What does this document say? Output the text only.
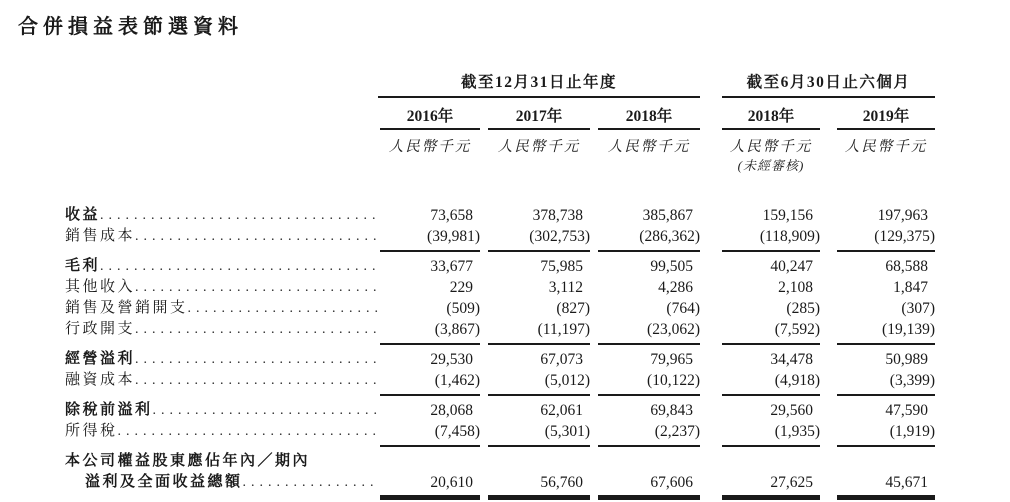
合併損益表節選資料
截至12月31日止年度	截至6月30日止六個月
2016年	2017年	2018年	2018年	2019年
人民幣千元	人民幣千元	人民幣千元	人民幣千元	人民幣千元
(未經審核)
收益 .....	73,658	378,738	385,867	159,156	197,963
銷售成本 .....	(39,981)	(302,753)	(286,362)	(118,909)	(129,375)
毛利 .....	33,677	75,985	99,505	40,247	68,588
其他收入 .....	229	3,112	4,286	2,108	1,847
銷售及營銷開支 .....	(509)	(827)	(764)	(285)	(307)
行政開支 .....	(3,867)	(11,197)	(23,062)	(7,592)	(19,139)
經營溢利 .....	29,530	67,073	79,965	34,478	50,989
融資成本 .....	(1,462)	(5,012)	(10,122)	(4,918)	(3,399)
除稅前溢利 .....	28,068	62,061	69,843	29,560	47,590
所得稅 .....	(7,458)	(5,301)	(2,237)	(1,935)	(1,919)
本公司權益股東應佔年內／期內
溢利及全面收益總額 .....	20,610	56,760	67,606	27,625	45,671
